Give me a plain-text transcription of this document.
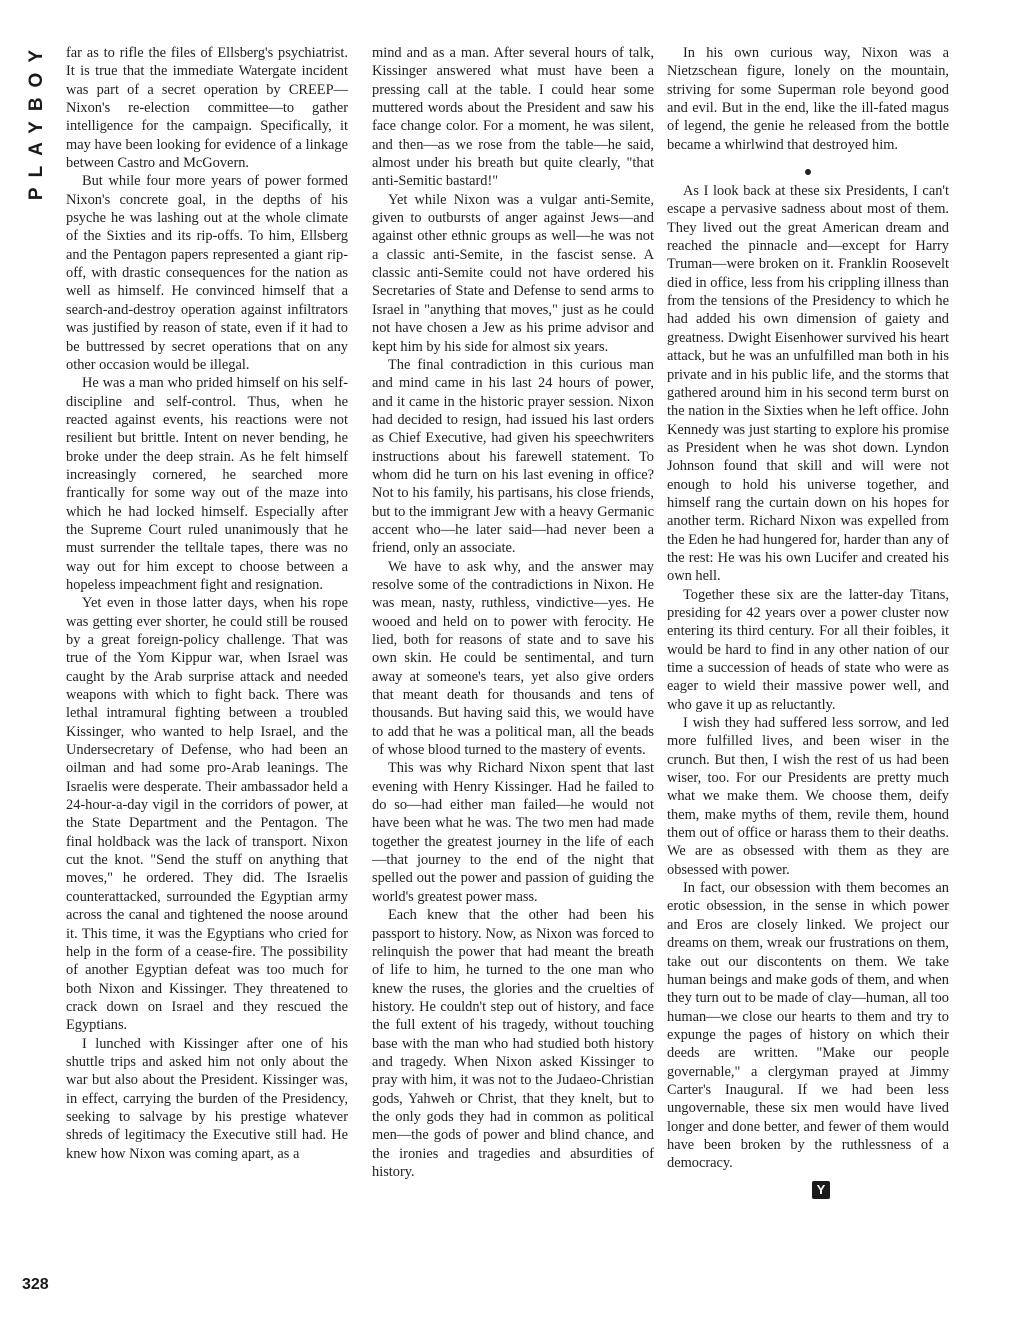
PLAYBOY
328

far as to rifle the files of Ellsberg's psychiatrist. It is true that the immediate Watergate incident was part of a secret operation by CREEP—Nixon's re-election committee—to gather intelligence for the campaign. Specifically, it may have been looking for evidence of a linkage between Castro and McGovern.

But while four more years of power formed Nixon's concrete goal, in the depths of his psyche he was lashing out at the whole climate of the Sixties and its rip-offs. To him, Ellsberg and the Pentagon papers represented a giant rip-off, with drastic consequences for the nation as well as himself. He convinced himself that a search-and-destroy operation against infiltrators was justified by reason of state, even if it had to be buttressed by secret operations that on any other occasion would be illegal.

He was a man who prided himself on his self-discipline and self-control. Thus, when he reacted against events, his reactions were not resilient but brittle. Intent on never bending, he broke under the deep strain. As he felt himself increasingly cornered, he searched more frantically for some way out of the maze into which he had locked himself. Especially after the Supreme Court ruled unanimously that he must surrender the telltale tapes, there was no way out for him except to choose between a hopeless impeachment fight and resignation.

Yet even in those latter days, when his rope was getting ever shorter, he could still be roused by a great foreign-policy challenge. That was true of the Yom Kippur war, when Israel was caught by the Arab surprise attack and needed weapons with which to fight back. There was lethal intramural fighting between a troubled Kissinger, who wanted to help Israel, and the Undersecretary of Defense, who had been an oilman and had some pro-Arab leanings. The Israelis were desperate. Their ambassador held a 24-hour-a-day vigil in the corridors of power, at the State Department and the Pentagon. The final holdback was the lack of transport. Nixon cut the knot. "Send the stuff on anything that moves," he ordered. They did. The Israelis counterattacked, surrounded the Egyptian army across the canal and tightened the noose around it. This time, it was the Egyptians who cried for help in the form of a cease-fire. The possibility of another Egyptian defeat was too much for both Nixon and Kissinger. They threatened to crack down on Israel and they rescued the Egyptians.

I lunched with Kissinger after one of his shuttle trips and asked him not only about the war but also about the President. Kissinger was, in effect, carrying the burden of the Presidency, seeking to salvage by his prestige whatever shreds of legitimacy the Executive still had. He knew how Nixon was coming apart, as a

mind and as a man. After several hours of talk, Kissinger answered what must have been a pressing call at the table. I could hear some muttered words about the President and saw his face change color. For a moment, he was silent, and then—as we rose from the table—he said, almost under his breath but quite clearly, "that anti-Semitic bastard!"

Yet while Nixon was a vulgar anti-Semite, given to outbursts of anger against Jews—and against other ethnic groups as well—he was not a classic anti-Semite, in the fascist sense. A classic anti-Semite could not have ordered his Secretaries of State and Defense to send arms to Israel in "anything that moves," just as he could not have chosen a Jew as his prime advisor and kept him by his side for almost six years.

The final contradiction in this curious man and mind came in his last 24 hours of power, and it came in the historic prayer session. Nixon had decided to resign, had issued his last orders as Chief Executive, had given his speechwriters instructions about his farewell statement. To whom did he turn on his last evening in office? Not to his family, his partisans, his close friends, but to the immigrant Jew with a heavy Germanic accent who—he later said—had never been a friend, only an associate.

We have to ask why, and the answer may resolve some of the contradictions in Nixon. He was mean, nasty, ruthless, vindictive—yes. He wooed and held on to power with ferocity. He lied, both for reasons of state and to save his own skin. He could be sentimental, and turn away at someone's tears, yet also give orders that meant death for thousands and tens of thousands. But having said this, we would have to add that he was a political man, all the beads of whose blood turned to the mastery of events.

This was why Richard Nixon spent that last evening with Henry Kissinger. Had he failed to do so—had either man failed—he would not have been what he was. The two men had made together the greatest journey in the life of each—that journey to the end of the night that spelled out the power and passion of guiding the world's greatest power mass.

Each knew that the other had been his passport to history. Now, as Nixon was forced to relinquish the power that had meant the breath of life to him, he turned to the one man who knew the ruses, the glories and the cruelties of history. He couldn't step out of history, and face the full extent of his tragedy, without touching base with the man who had studied both history and tragedy. When Nixon asked Kissinger to pray with him, it was not to the Judaeo-Christian gods, Yahweh or Christ, that they knelt, but to the only gods they had in common as political men—the gods of power and blind chance, and the ironies and tragedies and absurdities of history.

In his own curious way, Nixon was a Nietzschean figure, lonely on the mountain, striving for some Superman role beyond good and evil. But in the end, like the ill-fated magus of legend, the genie he released from the bottle became a whirlwind that destroyed him.

As I look back at these six Presidents, I can't escape a pervasive sadness about most of them. They lived out the great American dream and reached the pinnacle and—except for Harry Truman—were broken on it. Franklin Roosevelt died in office, less from his crippling illness than from the tensions of the Presidency to which he had added his own dimension of gaiety and greatness. Dwight Eisenhower survived his heart attack, but he was an unfulfilled man both in his private and in his public life, and the storms that gathered around him in his second term burst on the nation in the Sixties when he left office. John Kennedy was just starting to explore his promise as President when he was shot down. Lyndon Johnson found that skill and will were not enough to hold his universe together, and himself rang the curtain down on his hopes for another term. Richard Nixon was expelled from the Eden he had hungered for, harder than any of the rest: He was his own Lucifer and created his own hell.

Together these six are the latter-day Titans, presiding for 42 years over a power cluster now entering its third century. For all their foibles, it would be hard to find in any other nation of our time a succession of heads of state who were as eager to wield their massive power well, and who gave it up as reluctantly.

I wish they had suffered less sorrow, and led more fulfilled lives, and been wiser in the crunch. But then, I wish the rest of us had been wiser, too. For our Presidents are pretty much what we make them. We choose them, deify them, make myths of them, revile them, hound them out of office or harass them to their deaths. We are as obsessed with them as they are obsessed with power.

In fact, our obsession with them becomes an erotic obsession, in the sense in which power and Eros are closely linked. We project our dreams on them, wreak our frustrations on them, take out our discontents on them. We take human beings and make gods of them, and when they turn out to be made of clay—human, all too human—we close our hearts to them and try to expunge the pages of history on which their deeds are written. "Make our people governable," a clergyman prayed at Jimmy Carter's Inaugural. If we had been less ungovernable, these six men would have lived longer and done better, and fewer of them would have been broken by the ruthlessness of a democracy.

Y
